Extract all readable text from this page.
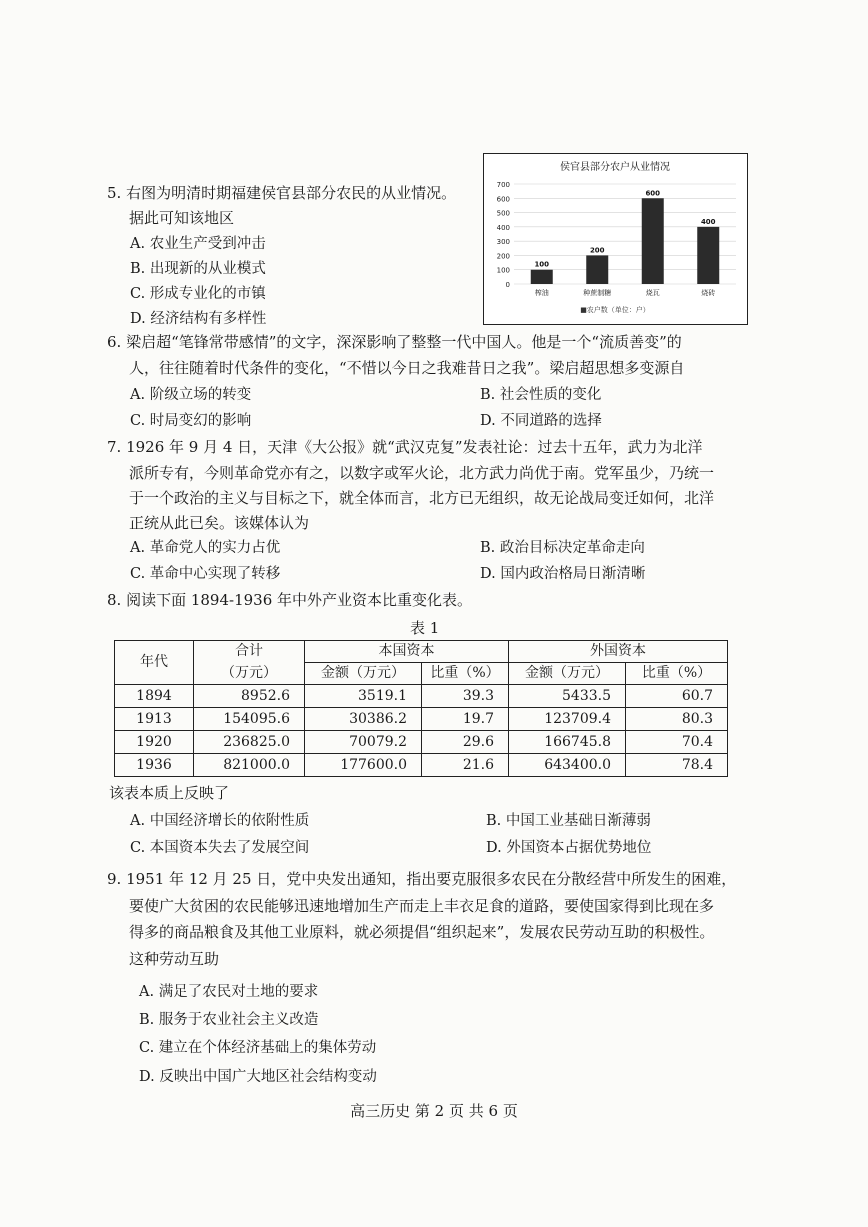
5. 右图为明清时期福建侯官县部分农民的从业情况。
据此可知该地区
A. 农业生产受到冲击
B. 出现新的从业模式
C. 形成专业化的市镇
D. 经济结构有多样性
侯官县部分农户从业情况
0
100
200
300
400
500
600
700
100
榨油
200
种蔗制糖
600
烧瓦
400
烧砖
■农户数（单位：户）
6. 梁启超“笔锋常带感情”的文字，深深影响了整整一代中国人。他是一个“流质善变”的
人，往往随着时代条件的变化，“不惜以今日之我难昔日之我”。梁启超思想多变源自
A. 阶级立场的转变	B. 社会性质的变化
C. 时局变幻的影响	D. 不同道路的选择
7. 1926 年 9 月 4 日，天津《大公报》就“武汉克复”发表社论：过去十五年，武力为北洋
派所专有，今则革命党亦有之，以数字或军火论，北方武力尚优于南。党军虽少，乃统一
于一个政治的主义与目标之下，就全体而言，北方已无组织，故无论战局变迁如何，北洋
正统从此已矣。该媒体认为
A. 革命党人的实力占优	B. 政治目标决定革命走向
C. 革命中心实现了转移	D. 国内政治格局日渐清晰
8. 阅读下面 1894-1936 年中外产业资本比重变化表。
表 1
年代	合计	本国资本		外国资本	
	（万元）	金额（万元）	比重（%）	金额（万元）	比重（%）
1894	8952.6	3519.1	39.3	5433.5	60.7
1913	154095.6	30386.2	19.7	123709.4	80.3
1920	236825.0	70079.2	29.6	166745.8	70.4
1936	821000.0	177600.0	21.6	643400.0	78.4
该表本质上反映了
A. 中国经济增长的依附性质	B. 中国工业基础日渐薄弱
C. 本国资本失去了发展空间	D. 外国资本占据优势地位
9. 1951 年 12 月 25 日，党中央发出通知，指出要克服很多农民在分散经营中所发生的困难，
要使广大贫困的农民能够迅速地增加生产而走上丰衣足食的道路，要使国家得到比现在多
得多的商品粮食及其他工业原料，就必须提倡“组织起来”，发展农民劳动互助的积极性。
这种劳动互助
A. 满足了农民对土地的要求
B. 服务于农业社会主义改造
C. 建立在个体经济基础上的集体劳动
D. 反映出中国广大地区社会结构变动
高三历史 第 2 页 共 6 页
